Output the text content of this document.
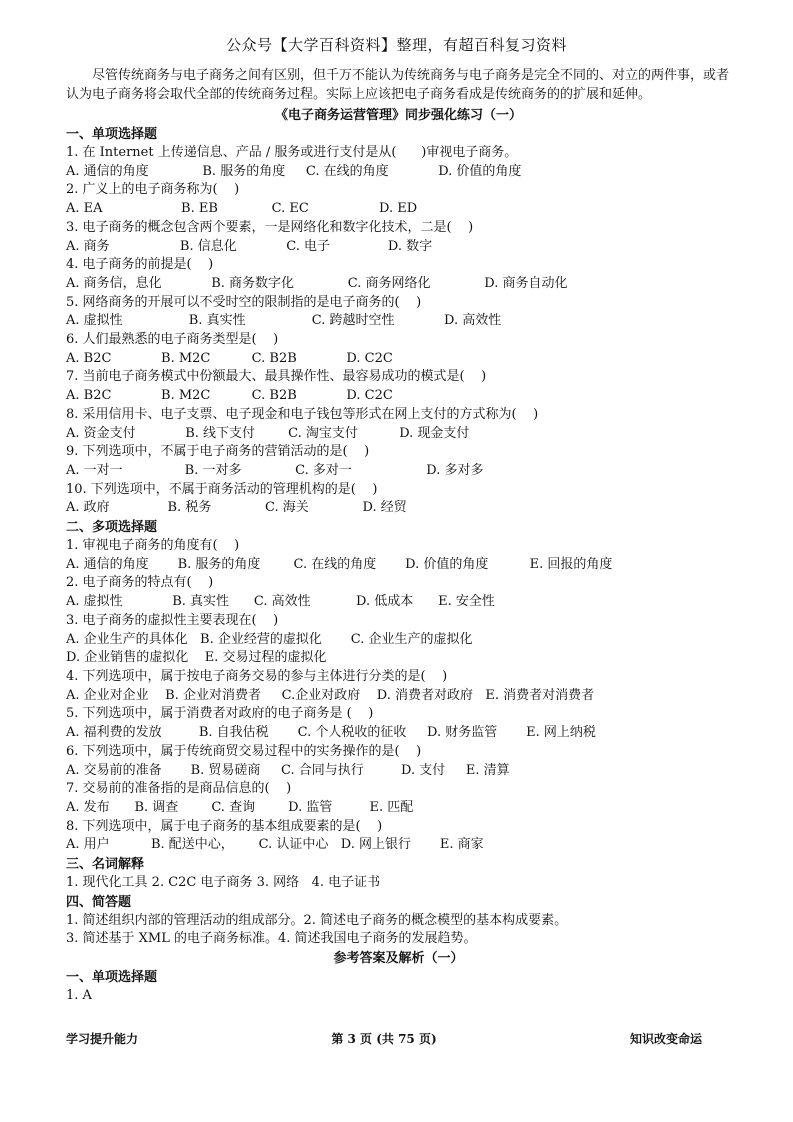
公众号【大学百科资料】整理，有超百科复习资料

尽管传统商务与电子商务之间有区别，但千万不能认为传统商务与电子商务是完全不同的、对立的两件事，或者认为电子商务将会取代全部的传统商务过程。实际上应该把电子商务看成是传统商务的的扩展和延伸。

《电子商务运营管理》同步强化练习（一）

一、单项选择题

1. 在 Internet 上传递信息、产品 / 服务或进行支付是从(      )审视电子商务。

A. 通信的角度             B. 服务的角度     C. 在线的角度            D. 价值的角度

2. 广义上的电子商务称为(    )

A. EA                   B. EB             C. EC                 D. ED

3. 电子商务的概念包含两个要素，一是网络化和数字化技术，二是(    )

A. 商务                 B. 信息化            C. 电子              D. 数字

4. 电子商务的前提是(    )

A. 商务信，息化            B. 商务数字化             C. 商务网络化             D. 商务自动化

5. 网络商务的开展可以不受时空的限制指的是电子商务的(    )

A. 虚拟性                B. 真实性                C. 跨越时空性            D. 高效性

6. 人们最熟悉的电子商务类型是(    )

A. B2C            B. M2C          C. B2B            D. C2C

7. 当前电子商务模式中份额最大、最具操作性、最容易成功的模式是(    )

A. B2C            B. M2C          C. B2B            D. C2C

8. 采用信用卡、电子支票、电子现金和电子钱包等形式在网上支付的方式称为(    )

A. 资金支付            B. 线下支付        C. 淘宝支付          D. 现金支付

9. 下列选项中，不属于电子商务的营销活动的是(    )

A. 一对一               B. 一对多             C. 多对一                  D. 多对多

10. 下列选项中，不属于商务活动的管理机构的是(    )

A. 政府              B. 税务             C. 海关             D. 经贸

二、多项选择题

1. 审视电子商务的角度有(    )

A. 通信的角度       B. 服务的角度        C. 在线的角度       D. 价值的角度          E. 回报的角度

2. 电子商务的特点有(    )

A. 虚拟性            B. 真实性      C. 高效性           D. 低成本      E. 安全性

3. 电子商务的虚拟性主要表现在(    )

A. 企业生产的具体化   B. 企业经营的虚拟化       C. 企业生产的虚拟化

D. 企业销售的虚拟化    E. 交易过程的虚拟化

4. 下列选项中，属于按电子商务交易的参与主体进行分类的是(    )

A. 企业对企业    B. 企业对消费者     C.企业对政府    D. 消费者对政府   E. 消费者对消费者

5. 下列选项中，属于消费者对政府的电子商务是 (    )

A. 福利费的发放         B. 自我估税       C. 个人税收的征收     D. 财务监管       E. 网上纳税

6. 下列选项中，属于传统商贸交易过程中的实务操作的是(    )

A. 交易前的准备       B. 贸易磋商     C. 合同与执行         D. 支付     E. 清算

7. 交易前的准备指的是商品信息的(    )

A. 发布      B. 调查        C. 查询        D. 监管         E. 匹配

8. 下列选项中，属于电子商务的基本组成要素的是(    )

A. 用户          B. 配送中心，      C. 认证中心   D. 网上银行       E. 商家

三、名词解释

1. 现代化工具 2. C2C 电子商务 3. 网络   4. 电子证书

四、简答题

1. 简述组织内部的管理活动的组成部分。2. 简述电子商务的概念模型的基本构成要素。

3. 简述基于 XML 的电子商务标准。4. 简述我国电子商务的发展趋势。

参考答案及解析（一）

一、单项选择题

1. A

第 3 页 (共 75 页)
学习提升能力	知识改变命运
